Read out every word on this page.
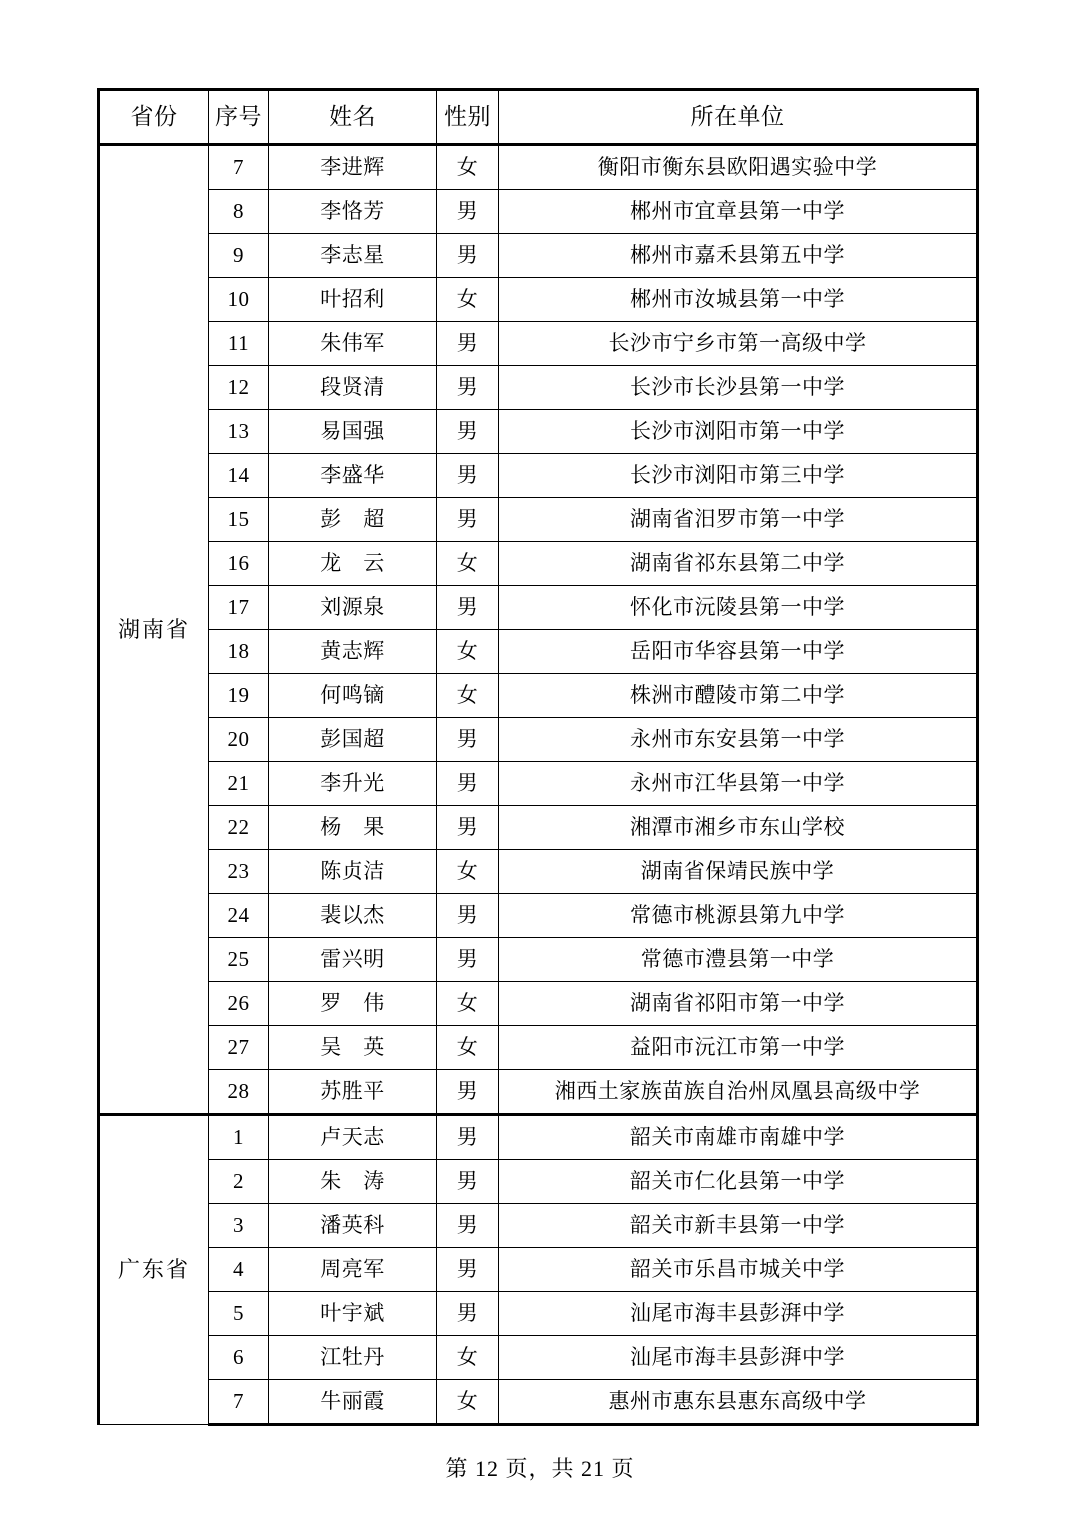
省份	序号	姓名	性别	所在单位
湖南省	7	李进辉	女	衡阳市衡东县欧阳遇实验中学
	8	李恪芳	男	郴州市宜章县第一中学
	9	李志星	男	郴州市嘉禾县第五中学
	10	叶招利	女	郴州市汝城县第一中学
	11	朱伟军	男	长沙市宁乡市第一高级中学
	12	段贤清	男	长沙市长沙县第一中学
	13	易国强	男	长沙市浏阳市第一中学
	14	李盛华	男	长沙市浏阳市第三中学
	15	彭　超	男	湖南省汨罗市第一中学
	16	龙　云	女	湖南省祁东县第二中学
	17	刘源泉	男	怀化市沅陵县第一中学
	18	黄志辉	女	岳阳市华容县第一中学
	19	何鸣镝	女	株洲市醴陵市第二中学
	20	彭国超	男	永州市东安县第一中学
	21	李升光	男	永州市江华县第一中学
	22	杨　果	男	湘潭市湘乡市东山学校
	23	陈贞洁	女	湖南省保靖民族中学
	24	裴以杰	男	常德市桃源县第九中学
	25	雷兴明	男	常德市澧县第一中学
	26	罗　伟	女	湖南省祁阳市第一中学
	27	吴　英	女	益阳市沅江市第一中学
	28	苏胜平	男	湘西土家族苗族自治州凤凰县高级中学
广东省	1	卢天志	男	韶关市南雄市南雄中学
	2	朱　涛	男	韶关市仁化县第一中学
	3	潘英科	男	韶关市新丰县第一中学
	4	周亮军	男	韶关市乐昌市城关中学
	5	叶宇斌	男	汕尾市海丰县彭湃中学
	6	江牡丹	女	汕尾市海丰县彭湃中学
	7	牛丽霞	女	惠州市惠东县惠东高级中学
第 12 页，共 21 页
